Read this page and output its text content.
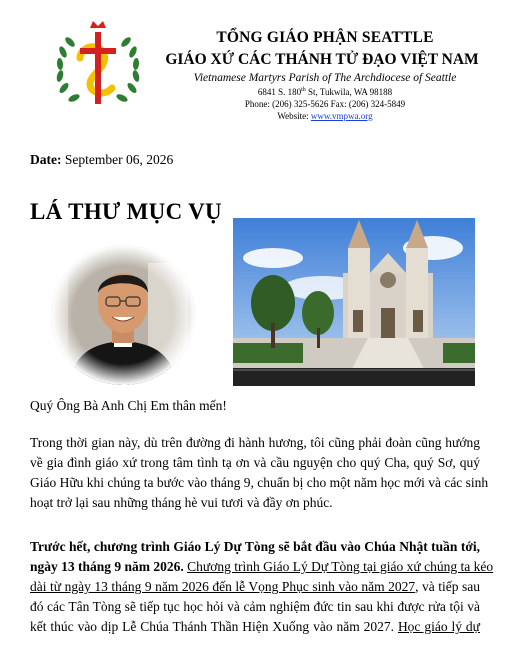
TỔNG GIÁO PHẬN SEATTLE
GIÁO XỨ CÁC THÁNH TỬ ĐẠO VIỆT NAM
Vietnamese Martyrs Parish of The Archdiocese of Seattle
6841 S. 180th St, Tukwila, WA 98188
Phone: (206) 325-5626 Fax: (206) 324-5849
Website: www.vmpwa.org
Date: September 06, 2026
LÁ THƯ MỤC VỤ
Quý Ông Bà Anh Chị Em thân mến!
Trong thời gian này, dù trên đường đi hành hương, tôi cũng phải đoàn cũng hướng
về gia đình giáo xứ trong tâm tình tạ ơn và cầu nguyện cho quý Cha, quý Sơ, quý
Giáo Hữu khi chúng ta bước vào tháng 9, chuẩn bị cho một năm học mới và các sinh
hoạt trở lại sau những tháng hè vui tươi và đầy ơn phúc.
Trước hết, chương trình Giáo Lý Dự Tòng sẽ bắt đầu vào Chúa Nhật tuần tới,
ngày 13 tháng 9 năm 2026. Chương trình Giáo Lý Dự Tòng tại giáo xứ chúng ta kéo
dài từ ngày 13 tháng 9 năm 2026 đến lễ Vọng Phục sinh vào năm 2027, và tiếp sau
đó các Tân Tòng sẽ tiếp tục học hỏi và cảm nghiệm đức tin sau khi được rửa tội và
kết thúc vào dịp Lễ Chúa Thánh Thần Hiện Xuống vào năm 2027. Học giáo lý dự
